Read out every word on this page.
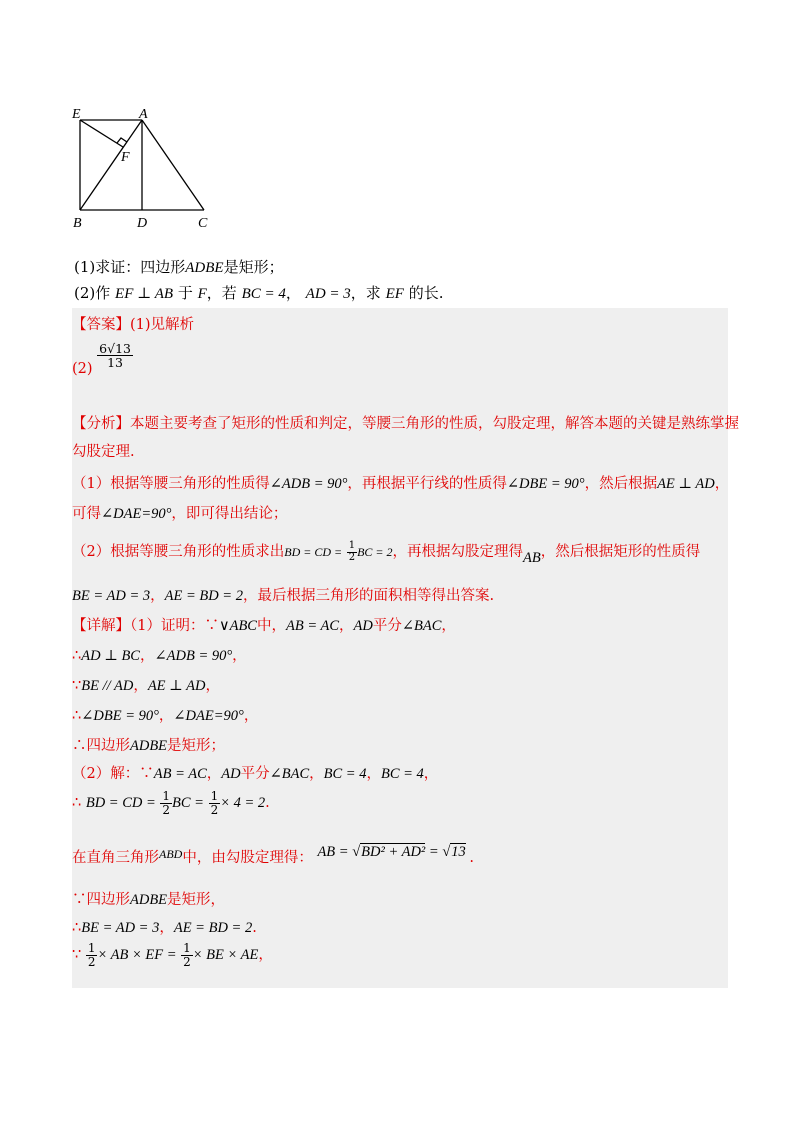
E	A
F
B	D	C
(1)求证：四边形ADBE是矩形；
(2)作 EF ⊥ AB 于 F，若 BC = 4， AD = 3，求 EF 的长.
【答案】(1)见解析
$(2) \frac{6√13}{13}$
【分析】本题主要考查了矩形的性质和判定，等腰三角形的性质，勾股定理，解答本题的关键是熟练掌握
勾股定理.
（1）根据等腰三角形的性质得∠ADB = 90°，再根据平行线的性质得∠DBE = 90°，然后根据AE ⊥ AD，
可得∠DAE=90°，即可得出结论；
（2）根据等腰三角形的性质求出BD = CD = $\frac{1}{2}$ BC = 2，再根据勾股定理得AB，然后根据矩形的性质得
BE = AD = 3，AE = BD = 2，最后根据三角形的面积相等得出答案.
【详解】（1）证明：∵∨ABC中，AB = AC，AD平分∠BAC，
∴AD ⊥ BC，∠ADB = 90°，
∵BE // AD，AE ⊥ AD，
∴∠DBE = 90°，∠DAE=90°，
∴四边形ADBE是矩形；
（2）解：∵AB = AC，AD平分∠BAC，BC = 4，BC = 4，
∴ BD = CD = $\frac{1}{2}$ BC = $\frac{1}{2} \times 4 = 2$.
在直角三角形$^{ABD}$中，由勾股定理得： AB = √BD² + AD² = √13 .
∵四边形ADBE是矩形，
∴BE = AD = 3，AE = BD = 2.
∵ $\frac{1}{2}$ × AB × EF = $\frac{1}{2}$ × BE × AE，
